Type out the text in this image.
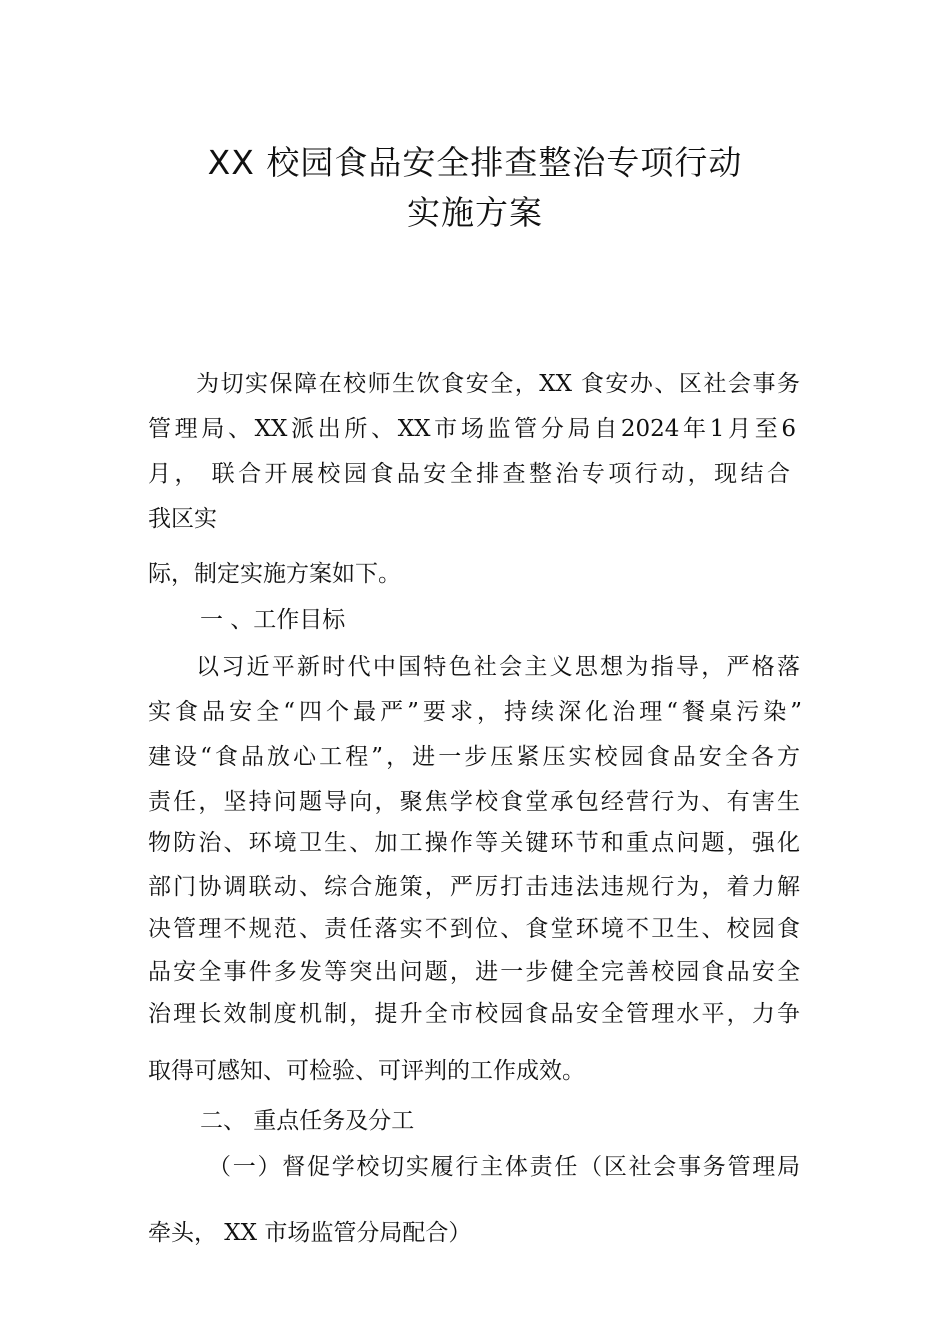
XX 校园食品安全排查整治专项行动
实施方案

为切实保障在校师生饮食安全，XX 食安办、区社会事务

管理局、XX派出所、XX市场监管分局自2024年1月至6

月， 联合开展校园食品安全排查整治专项行动，现结合

我区实

际，制定实施方案如下。

一 、工作目标

以习近平新时代中国特色社会主义思想为指导，严格落

实食品安全“四个最严”要求，持续深化治理“餐桌污染”

建设“食品放心工程”，进一步压紧压实校园食品安全各方

责任，坚持问题导向，聚焦学校食堂承包经营行为、有害生

物防治、环境卫生、加工操作等关键环节和重点问题，强化

部门协调联动、综合施策，严厉打击违法违规行为，着力解

决管理不规范、责任落实不到位、食堂环境不卫生、校园食

品安全事件多发等突出问题，进一步健全完善校园食品安全

治理长效制度机制，提升全市校园食品安全管理水平，力争

取得可感知、可检验、可评判的工作成效。

二、 重点任务及分工

（一）督促学校切实履行主体责任（区社会事务管理局

牵头， XX 市场监管分局配合）
